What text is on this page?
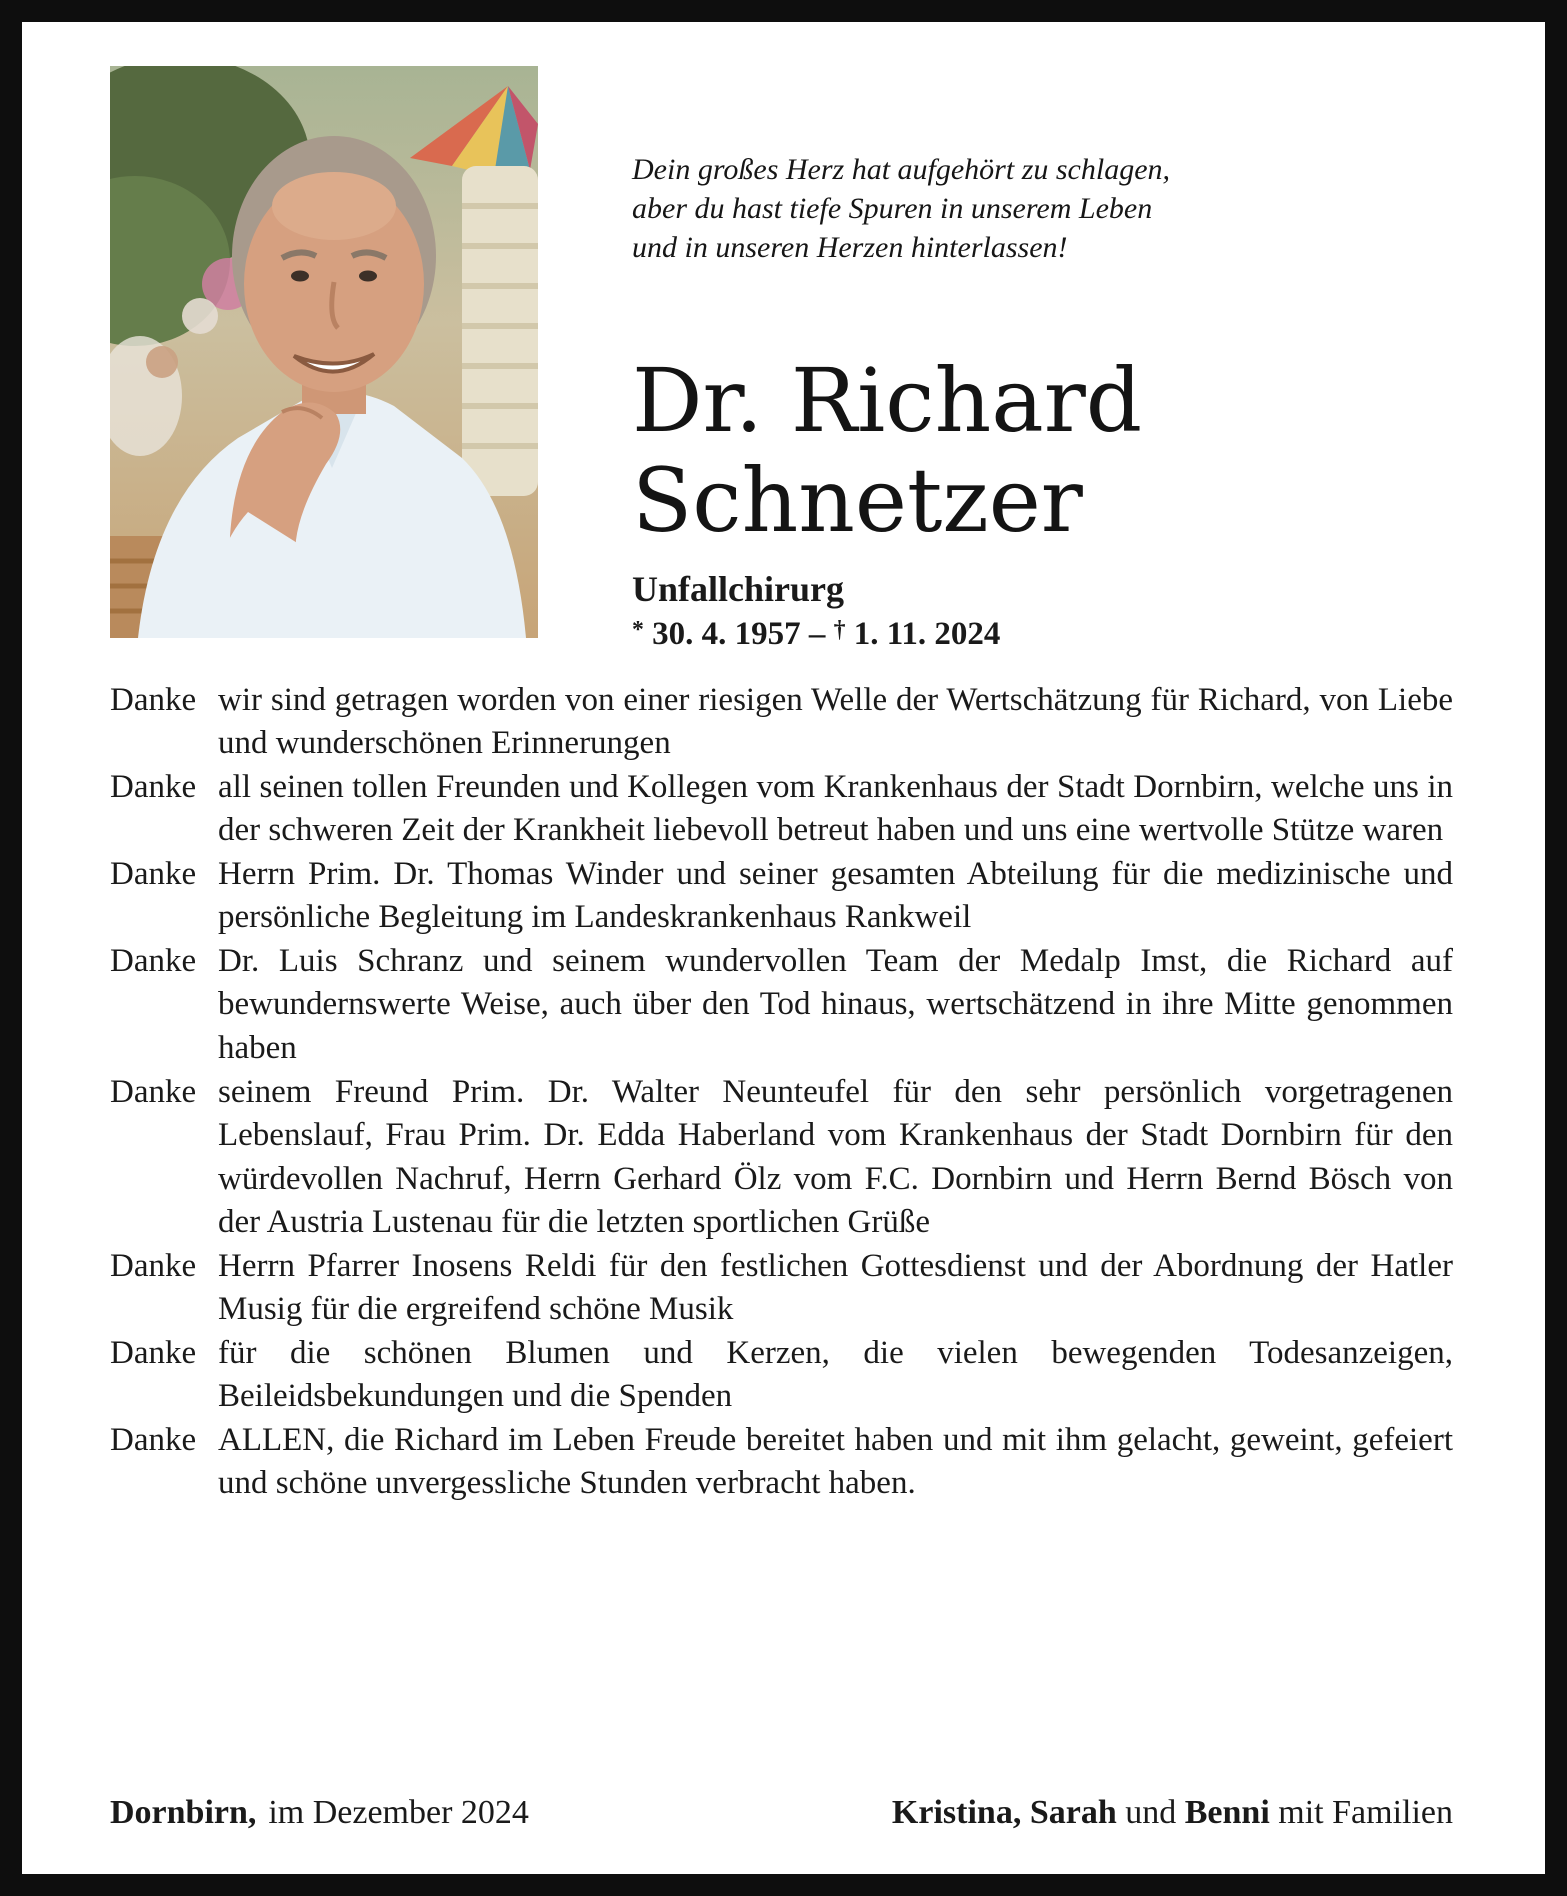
Dein großes Herz hat aufgehört zu schlagen,
aber du hast tiefe Spuren in unserem Leben
und in unseren Herzen hinterlassen!
Dr. Richard
Schnetzer
Unfallchirurg
* 30. 4. 1957 – † 1. 11. 2024
Danke wir sind getragen worden von einer riesigen Welle der Wertschätzung für Richard, von Liebe und wunderschönen Erinnerungen
Danke all seinen tollen Freunden und Kollegen vom Krankenhaus der Stadt Dornbirn, welche uns in der schweren Zeit der Krankheit liebevoll betreut haben und uns eine wertvolle Stütze waren
Danke Herrn Prim. Dr. Thomas Winder und seiner gesamten Abteilung für die medizinische und persönliche Begleitung im Landeskrankenhaus Rankweil
Danke Dr. Luis Schranz und seinem wundervollen Team der Medalp Imst, die Richard auf bewundernswerte Weise, auch über den Tod hinaus, wertschätzend in ihre Mitte genommen haben
Danke seinem Freund Prim. Dr. Walter Neunteufel für den sehr persönlich vorgetragenen Lebenslauf, Frau Prim. Dr. Edda Haberland vom Krankenhaus der Stadt Dornbirn für den würdevollen Nachruf, Herrn Gerhard Ölz vom F.C. Dornbirn und Herrn Bernd Bösch von der Austria Lustenau für die letzten sportlichen Grüße
Danke Herrn Pfarrer Inosens Reldi für den festlichen Gottesdienst und der Abordnung der Hatler Musig für die ergreifend schöne Musik
Danke für die schönen Blumen und Kerzen, die vielen bewegenden Todesanzeigen, Beileidsbekundungen und die Spenden
Danke ALLEN, die Richard im Leben Freude bereitet haben und mit ihm gelacht, geweint, gefeiert und schöne unvergessliche Stunden verbracht haben.
Dornbirn, im Dezember 2024	Kristina, Sarah und Benni mit Familien
